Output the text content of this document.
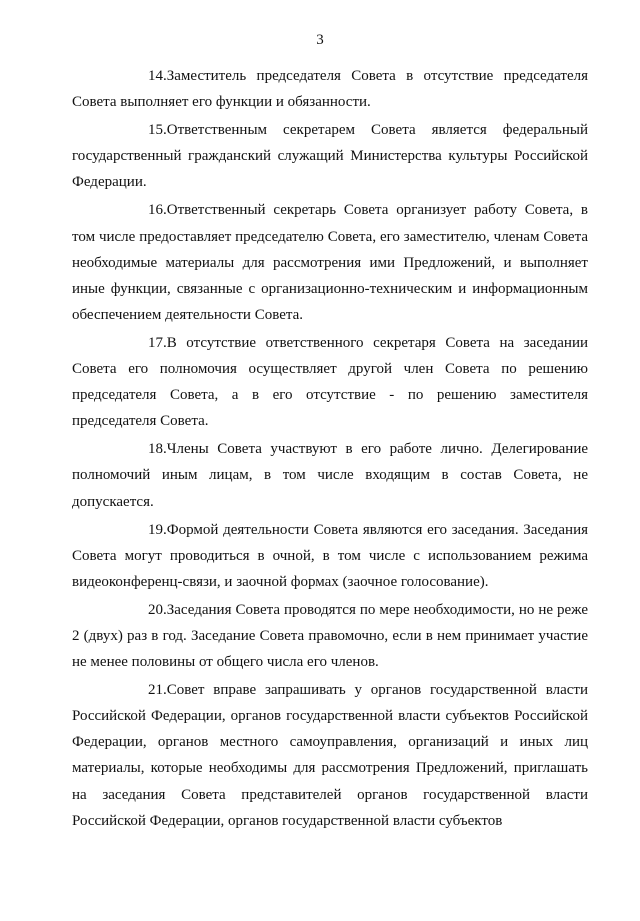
3

14.Заместитель председателя Совета в отсутствие председателя Совета выполняет его функции и обязанности.

15.Ответственным секретарем Совета является федеральный государственный гражданский служащий Министерства культуры Российской Федерации.

16.Ответственный секретарь Совета организует работу Совета, в том числе предоставляет председателю Совета, его заместителю, членам Совета необходимые материалы для рассмотрения ими Предложений, и выполняет иные функции, связанные с организационно-техническим и информационным обеспечением деятельности Совета.

17.В отсутствие ответственного секретаря Совета на заседании Совета его полномочия осуществляет другой член Совета по решению председателя Совета, а в его отсутствие - по решению заместителя председателя Совета.

18.Члены Совета участвуют в его работе лично. Делегирование полномочий иным лицам, в том числе входящим в состав Совета, не допускается.

19.Формой деятельности Совета являются его заседания. Заседания Совета могут проводиться в очной, в том числе с использованием режима видеоконференц-связи, и заочной формах (заочное голосование).

20.Заседания Совета проводятся по мере необходимости, но не реже 2 (двух) раз в год. Заседание Совета правомочно, если в нем принимает участие не менее половины от общего числа его членов.

21.Совет вправе запрашивать у органов государственной власти Российской Федерации, органов государственной власти субъектов Российской Федерации, органов местного самоуправления, организаций и иных лиц материалы, которые необходимы для рассмотрения Предложений, приглашать на заседания Совета представителей органов государственной власти Российской Федерации, органов государственной власти субъектов
